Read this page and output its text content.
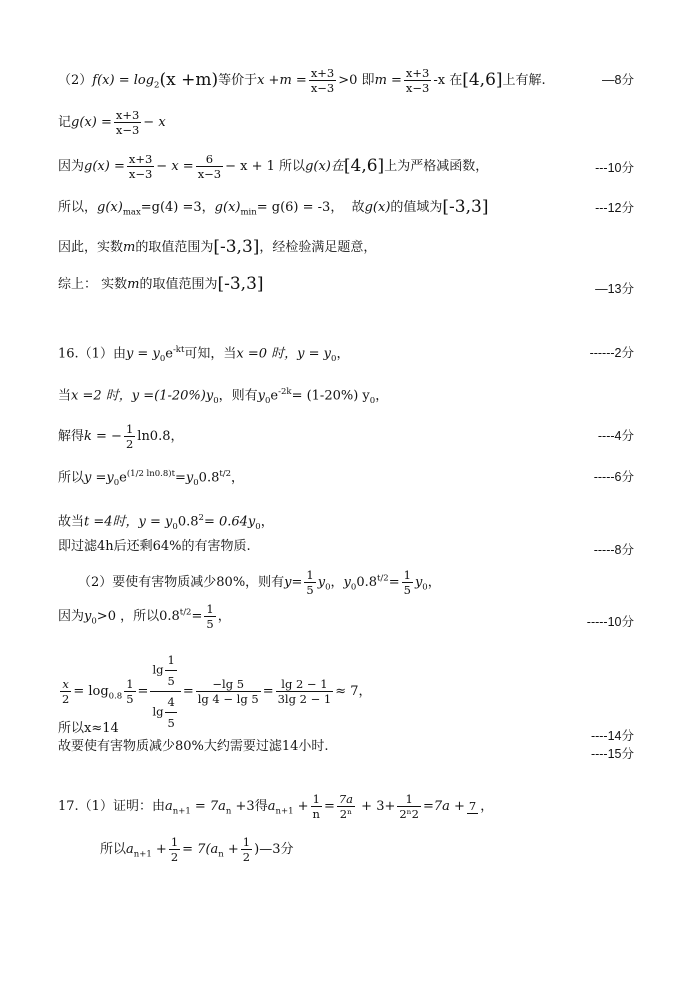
$(2)f(x) = \log_2(x +m)$等价于$x +m = \frac{x+3}{x-3} >0$ 即$m = \frac{x+3}{x-3} -x$ 在[4,6]上有解.	—8分
记$g(x) = \frac{x+3}{x-3} - x$
因为$g(x) = \frac{x+3}{x-3} - x = \frac{6}{x-3} - x + 1$ 所以g(x)在[4,6]上为严格减函数，	---10分
所以，$g(x)_{max}=g(4) =3$，$g(x)_{min}= g(6) = -3$， 故g(x)的值域为[-3,3]	---12分
因此，实数m的取值范围为[-3,3]，经检验满足题意，
综上： 实数m的取值范围为[-3,3]	—13分
16.（1）由$y = y_0e^{-kt}$可知，当x =0 时，$y = y_0$，	------2分
当x =2 时，$y =(1-20\%)y_0$，则有$y_0e^{-2k}= (1-20\%)$ $y_0$，
解得k = − $\frac{1}{2} \ln 0.8$，	----4分
所以$y =y_0e^{(1/2 ln0.8)t}=y_00.8^{t/2}$，	-----6分
故当t =4时，$y = y_00.8^2= 0.64y_0$，
即过滤4h后还剩64%的有害物质.	-----8分
（2）要使有害物质减少80%，则有$y= \frac{1}{5} y_0$，$y_00.8^{t/2}= \frac{1}{5} y_0$，
因为$y_0>0$ ，所以$0.8^{t/2}= \frac{1}{5}$ ，	-----10分
$\frac{x}{2} = \log_{0.8} \frac{1}{5} = \frac{\lg \frac{1}{5}}{\lg \frac{4}{5}} = \frac{-\lg 5}{\lg 4 - \lg 5} = \frac{\lg 2 - 1}{3\lg 2 - 1} \approx 7$，
所以x≈14	----14分
故要使有害物质减少80%大约需要过滤14小时.	----15分
17.（1）证明：由$a_{n+1} = 7a_n +3$得$a_{n+1} + \frac{1}{n} = \frac{7a}{\text{2ⁿ}} + 3+ \frac{1}{\text{2ⁿ2}} =7a + 7$ ，
所以$a_{n+1} + \frac{1}{2} = 7(a_n + \frac{1}{2}$ )—3分
